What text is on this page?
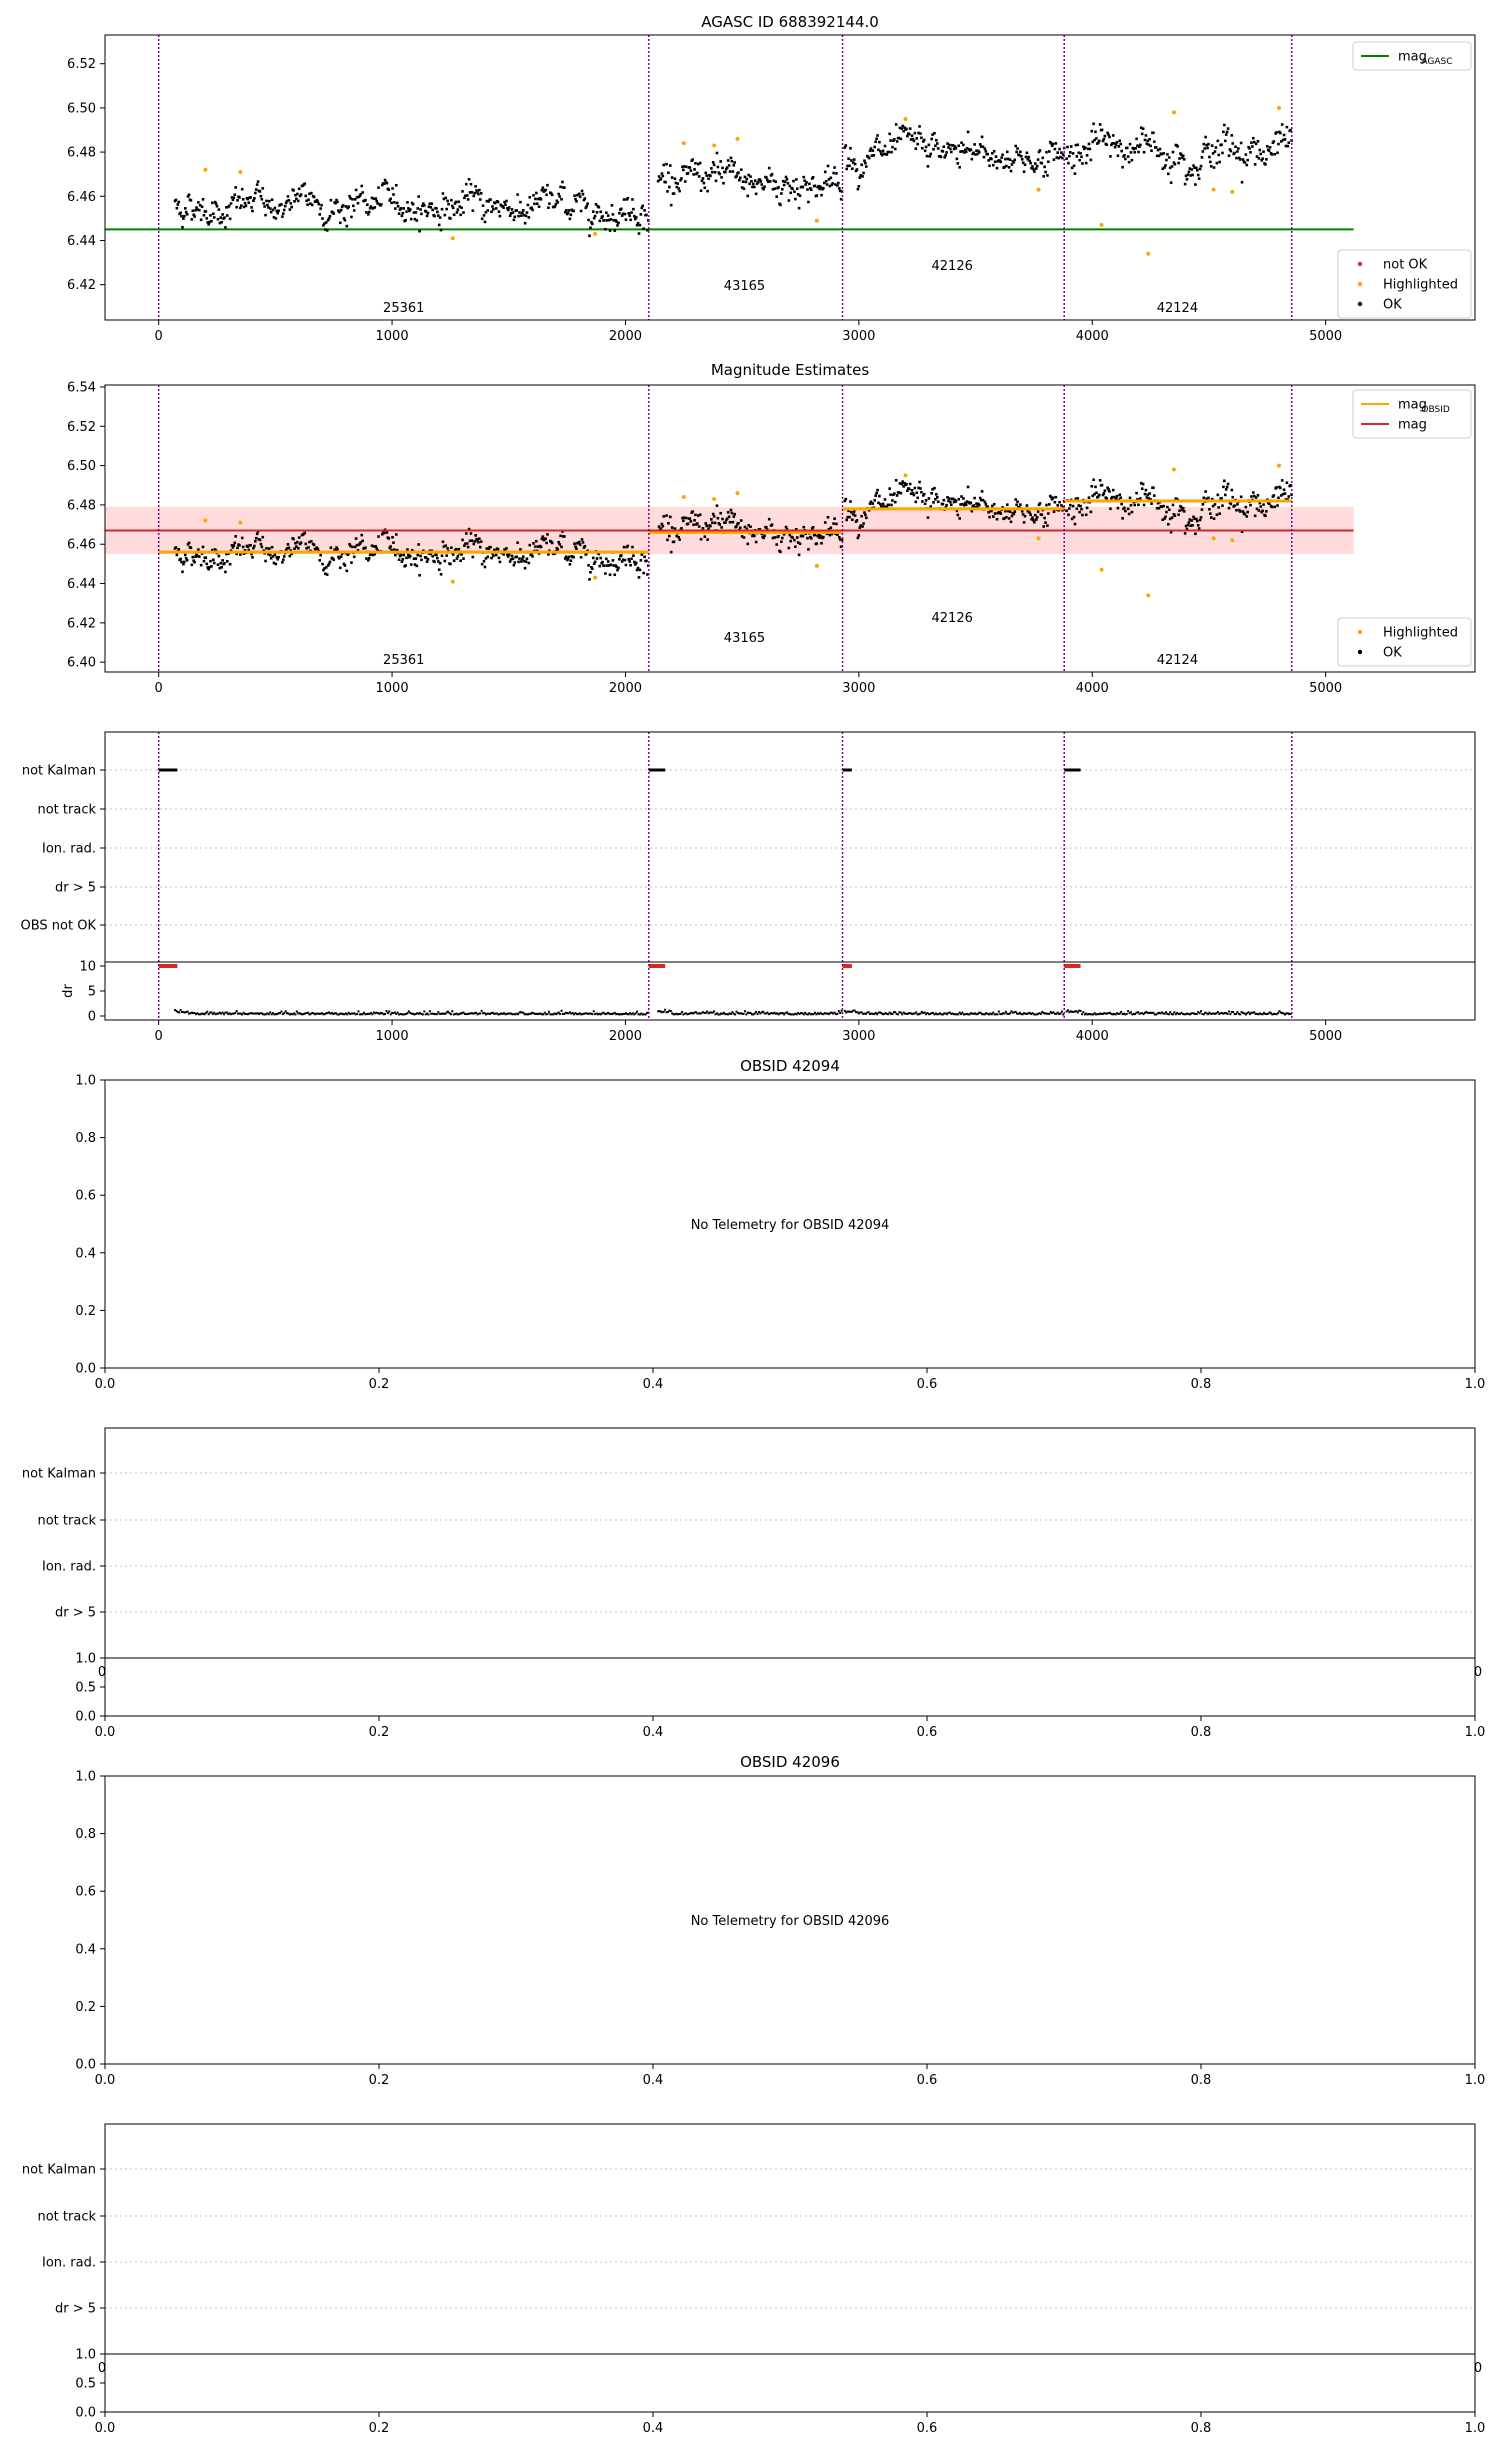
AGASC ID 688392144.0
25361
43165
42126
42124
0	1000	2000	3000	4000	5000
6.42
6.44
6.46
6.48
6.50
6.52
mag
AGASC
not OK
Highlighted
OK
Magnitude Estimates
25361
43165
42126
42124
0	1000	2000	3000	4000	5000
6.40
6.42
6.44
6.46
6.48
6.50
6.52
6.54
mag
OBSID
mag
Highlighted
OK
not Kalman
not track
Ion. rad.
dr > 5
OBS not OK
0
5
10
dr
0	1000	2000	3000	4000	5000
OBSID 42094
No Telemetry for OBSID 42094
0.0	0.2	0.4	0.6	0.8	1.0
0.0
0.2
0.4
0.6
0.8
1.0
not Kalman
not track
Ion. rad.
dr > 5
0	0
0.0
0.5
1.0
0.0	0.2	0.4	0.6	0.8	1.0
OBSID 42096
No Telemetry for OBSID 42096
0.0	0.2	0.4	0.6	0.8	1.0
0.0
0.2
0.4
0.6
0.8
1.0
not Kalman
not track
Ion. rad.
dr > 5
0	0
0.0
0.5
1.0
0.0	0.2	0.4	0.6	0.8	1.0
